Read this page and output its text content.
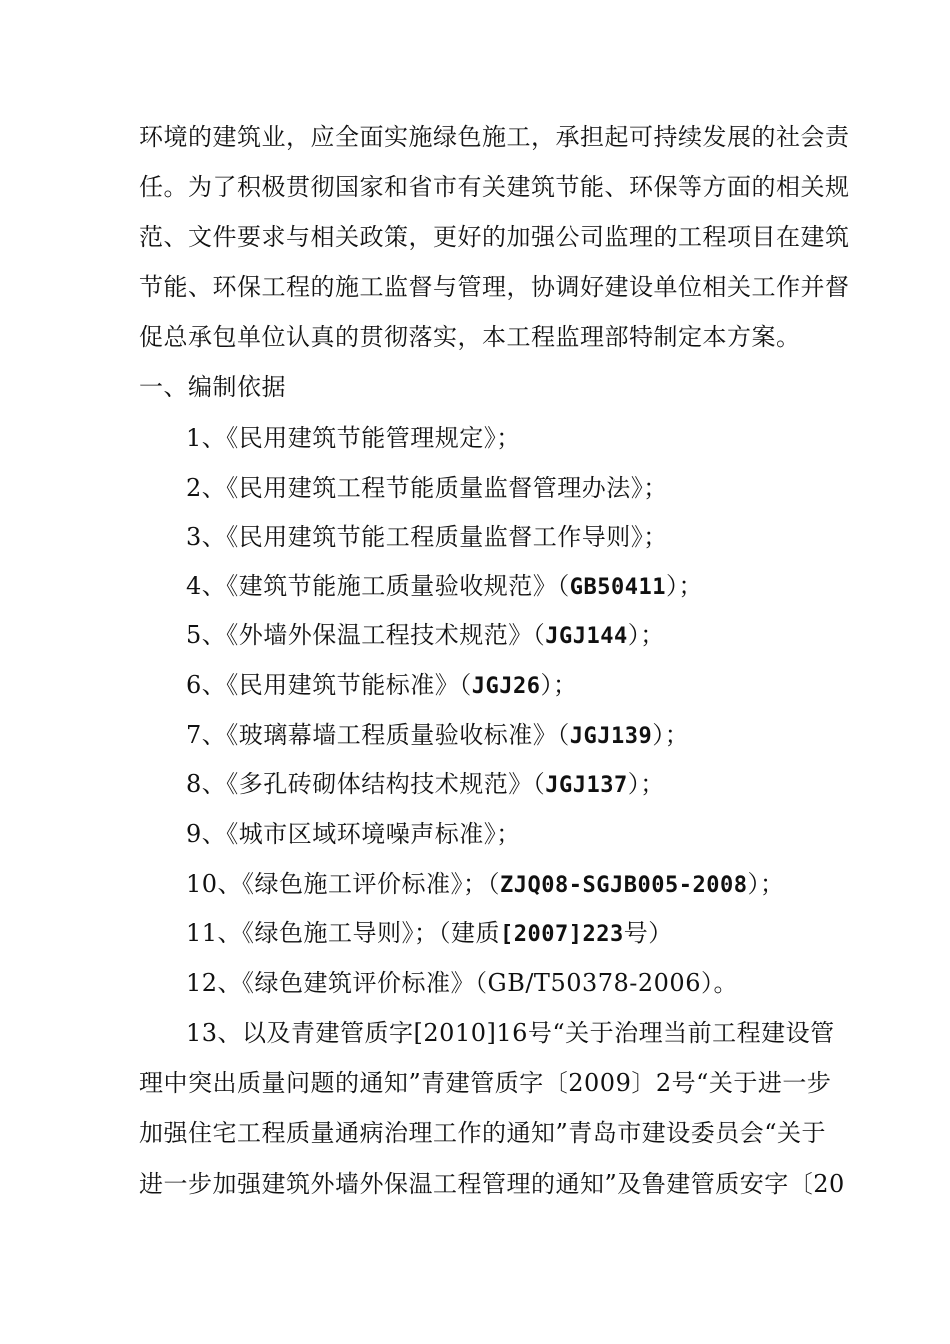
环境的建筑业，应全面实施绿色施工，承担起可持续发展的社会责
任。为了积极贯彻国家和省市有关建筑节能、环保等方面的相关规
范、文件要求与相关政策，更好的加强公司监理的工程项目在建筑
节能、环保工程的施工监督与管理，协调好建设单位相关工作并督
促总承包单位认真的贯彻落实，本工程监理部特制定本方案。
一、编制依据
1、《民用建筑节能管理规定》；
2、《民用建筑工程节能质量监督管理办法》；
3、《民用建筑节能工程质量监督工作导则》；
4、《建筑节能施工质量验收规范》（GB50411）；
5、《外墙外保温工程技术规范》（JGJ144）；
6、《民用建筑节能标准》（JGJ26）；
7、《玻璃幕墙工程质量验收标准》（JGJ139）；
8、《多孔砖砌体结构技术规范》（JGJ137）；
9、《城市区域环境噪声标准》；
10、《绿色施工评价标准》；（ZJQ08-SGJB005-2008）；
11、《绿色施工导则》；（建质[2007]223号）
12、《绿色建筑评价标准》（GB/T50378-2006）。
13、以及青建管质字[2010]16号“关于治理当前工程建设管
理中突出质量问题的通知”青建管质字〔2009〕2号“关于进一步
加强住宅工程质量通病治理工作的通知”青岛市建设委员会“关于
进一步加强建筑外墙外保温工程管理的通知”及鲁建管质安字〔20
